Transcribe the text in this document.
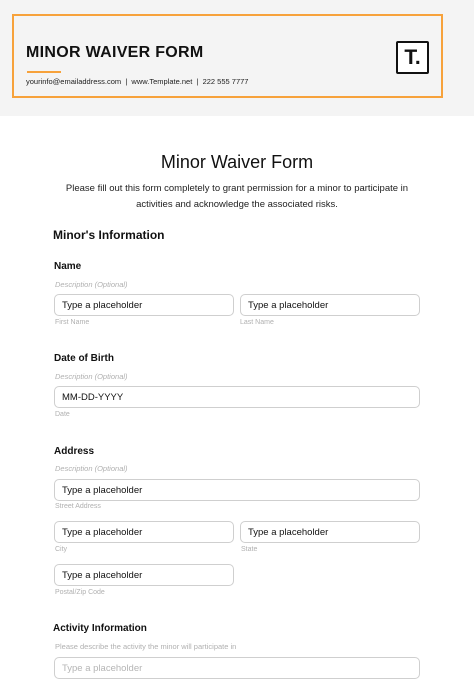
MINOR WAIVER FORM
yourinfo@emailaddress.com  |  www.Template.net  |  222 555 7777
T.
Minor Waiver Form
Please fill out this form completely to grant permission for a minor to participate in activities and acknowledge the associated risks.
Minor's Information
Name
Description (Optional)
Type a placeholder	Type a placeholder
First Name	Last Name
Date of Birth
Description (Optional)
MM-DD-YYYY
Date
Address
Description (Optional)
Type a placeholder
Street Address
Type a placeholder	Type a placeholder
City	State
Type a placeholder
Postal/Zip Code
Activity Information
Please describe the activity the minor will participate in
Type a placeholder
